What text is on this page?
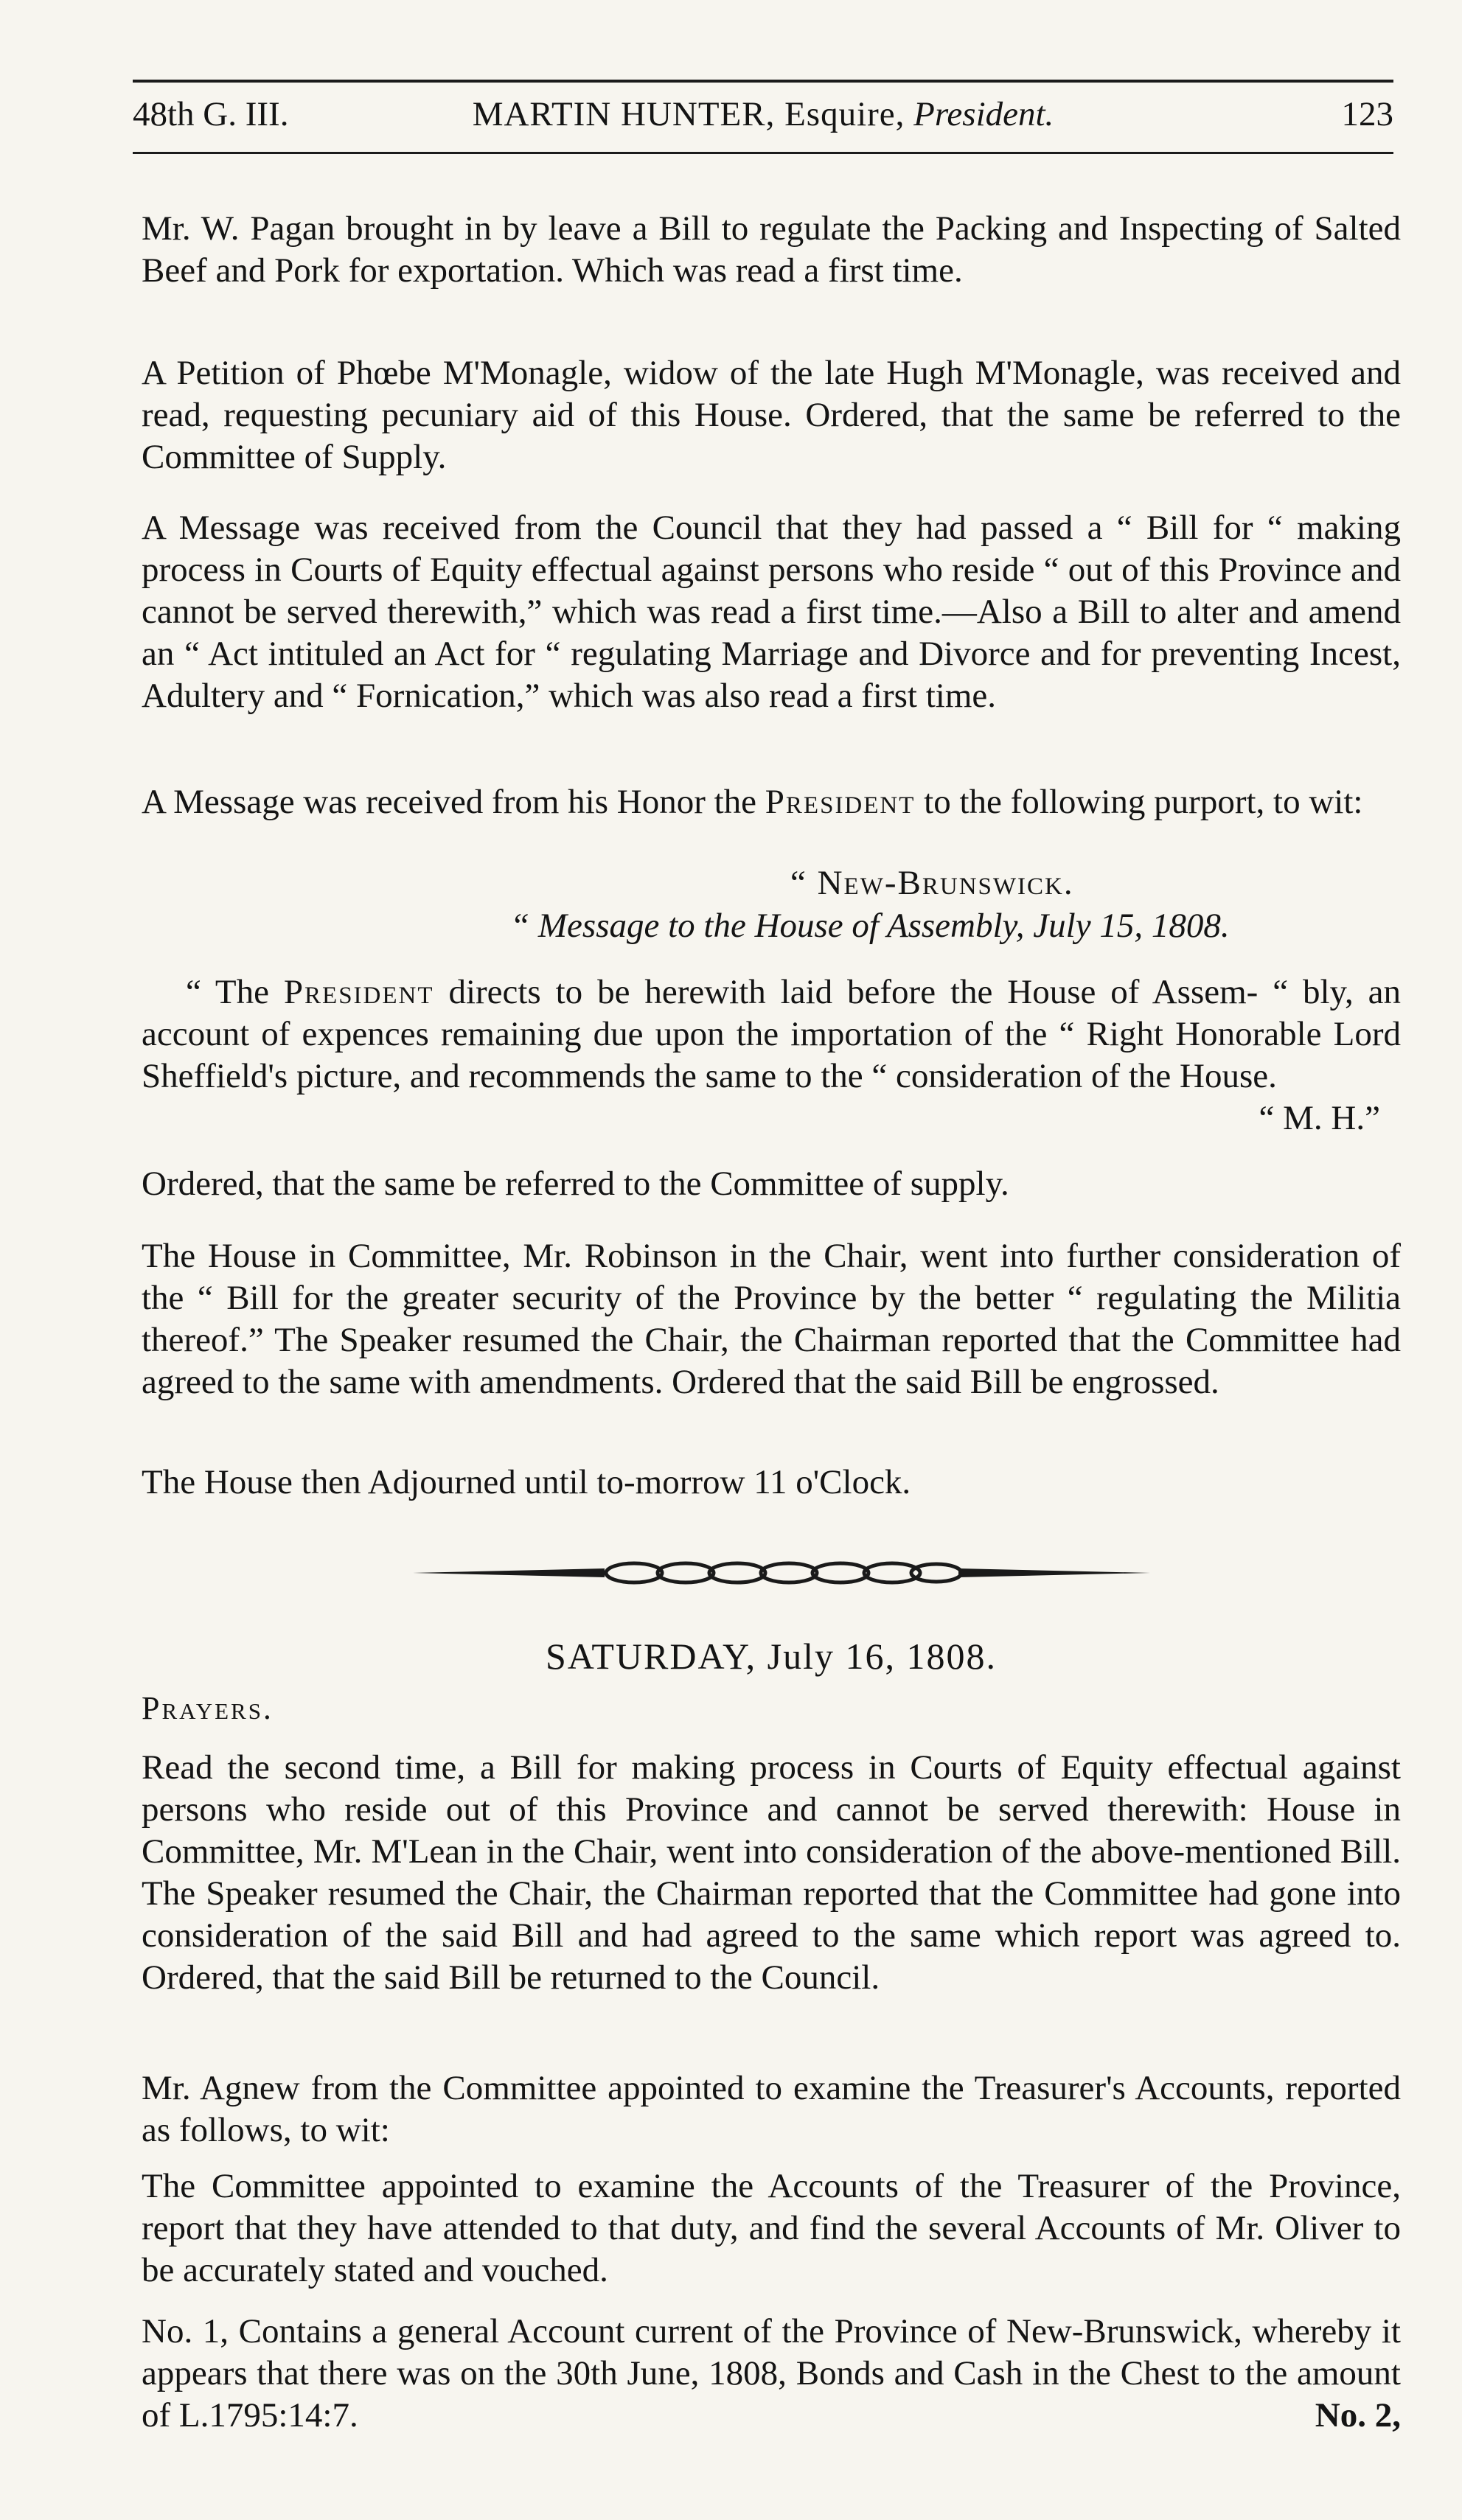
48th G. III.	MARTIN HUNTER, Esquire, President.	123

Mr. W. Pagan brought in by leave a Bill to regulate the Packing and Inspecting of Salted Beef and Pork for exportation. Which was read a first time.

A Petition of Phœbe M'Monagle, widow of the late Hugh M'Monagle, was received and read, requesting pecuniary aid of this House. Ordered, that the same be referred to the Committee of Supply.

A Message was received from the Council that they had passed a “ Bill for “ making process in Courts of Equity effectual against persons who reside “ out of this Province and cannot be served therewith,” which was read a first time.—Also a Bill to alter and amend an “ Act intituled an Act for “ regulating Marriage and Divorce and for preventing Incest, Adultery and “ Fornication,” which was also read a first time.

A Message was received from his Honor the President to the following purport, to wit:

“ New-Brunswick.
“ Message to the House of Assembly, July 15, 1808.

“ The President directs to be herewith laid before the House of Assem- “ bly, an account of expences remaining due upon the importation of the “ Right Honorable Lord Sheffield's picture, and recommends the same to the “ consideration of the House.

“ M. H.”

Ordered, that the same be referred to the Committee of supply.

The House in Committee, Mr. Robinson in the Chair, went into further consideration of the “ Bill for the greater security of the Province by the better “ regulating the Militia thereof.” The Speaker resumed the Chair, the Chairman reported that the Committee had agreed to the same with amendments. Ordered that the said Bill be engrossed.

The House then Adjourned until to-morrow 11 o'Clock.

SATURDAY, July 16, 1808.
Prayers.

Read the second time, a Bill for making process in Courts of Equity effectual against persons who reside out of this Province and cannot be served therewith: House in Committee, Mr. M'Lean in the Chair, went into consideration of the above-mentioned Bill. The Speaker resumed the Chair, the Chairman reported that the Committee had gone into consideration of the said Bill and had agreed to the same which report was agreed to. Ordered, that the said Bill be returned to the Council.

Mr. Agnew from the Committee appointed to examine the Treasurer's Accounts, reported as follows, to wit:

The Committee appointed to examine the Accounts of the Treasurer of the Province, report that they have attended to that duty, and find the several Accounts of Mr. Oliver to be accurately stated and vouched.

No. 1, Contains a general Account current of the Province of New-Brunswick, whereby it appears that there was on the 30th June, 1808, Bonds and Cash in the Chest to the amount of L.1795:14:7.	No. 2,
